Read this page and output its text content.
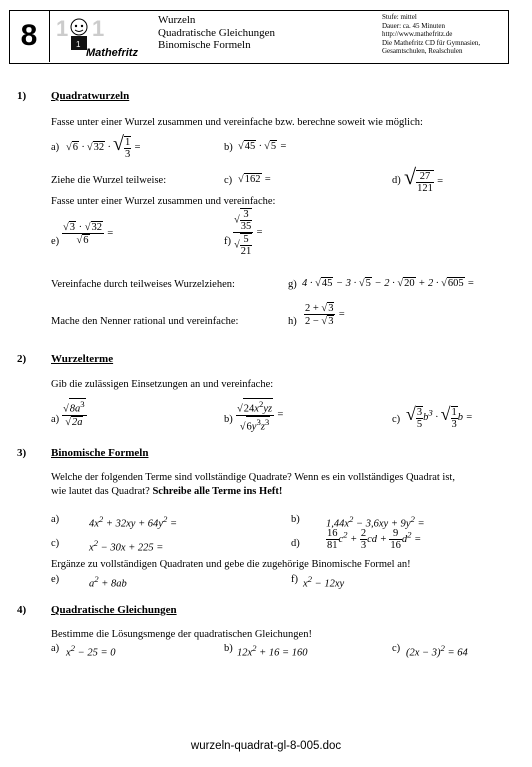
8 1 1
1
Mathefritz
Wurzeln
Quadratische Gleichungen
Binomische Formeln
Stufe: mittel
Dauer: ca. 45 Minuten
http://www.mathefritz.de
Die Mathefritz CD für Gymnasien,
Gesamtschulen, Realschulen
1) Quadratwurzeln
Fasse unter einer Wurzel zusammen und vereinfache bzw. berechne soweit wie möglich:
a) √6 · √32 · √ $\frac{1}{3}$ =	b) √45 · √5 =
Ziehe die Wurzel teilweise:	c) √162 =	d) √ $\frac{27}{121}$ =
Fasse unter einer Wurzel zusammen und vereinfache:
$e) \frac{√3 \cdot √32}{√6}$ =
$f) \frac{√ \frac{3}{35}}{√ \frac{5}{21}}$ =
Vereinfache durch teilweises Wurzelziehen:	g) 4 · √45 − 3 · √5 − 2 · √20 + 2 · √605 =
Mache den Nenner rational und vereinfache:	$h) \frac{2 + √3}{2 - √3}$ =
2) Wurzelterme
Gib die zulässigen Einsetzungen an und vereinfache:
$a) \frac{√8a^3}{√2a}$	$b) \frac{√24x^2yz}{√6y^3z^3}$ =	c) √ $\frac{3}{5} b^3$ · √ $\frac{1}{3}$ b =
3) Binomische Formeln
Welche der folgenden Terme sind vollständige Quadrate? Wenn es ein vollständiges Quadrat ist,
wie lautet das Quadrat? Schreibe alle Terme ins Heft!
a)	$4x^2 + 32xy + 64y^2$ =	b)	$1,44x^2 - 3,6xy + 9y^2$ =
c)	$x^2 - 30x + 225$ =	d)	$\frac{16}{81} c^2 + \frac{2}{3}$ cd + $\frac{9}{16} d^2$ =
Ergänze zu vollständigen Quadraten und gebe die zugehörige Binomische Formel an!
e)	$a^2 + 8ab$	f) $x^2 - 12xy$
4) Quadratische Gleichungen
Bestimme die Lösungsmenge der quadratischen Gleichungen!
a) $x^2 - 25 = 0$	b) $12x^2 + 16 = 160$	c) $(2x - 3)^2 = 64$
wurzeln-quadrat-gl-8-005.doc
